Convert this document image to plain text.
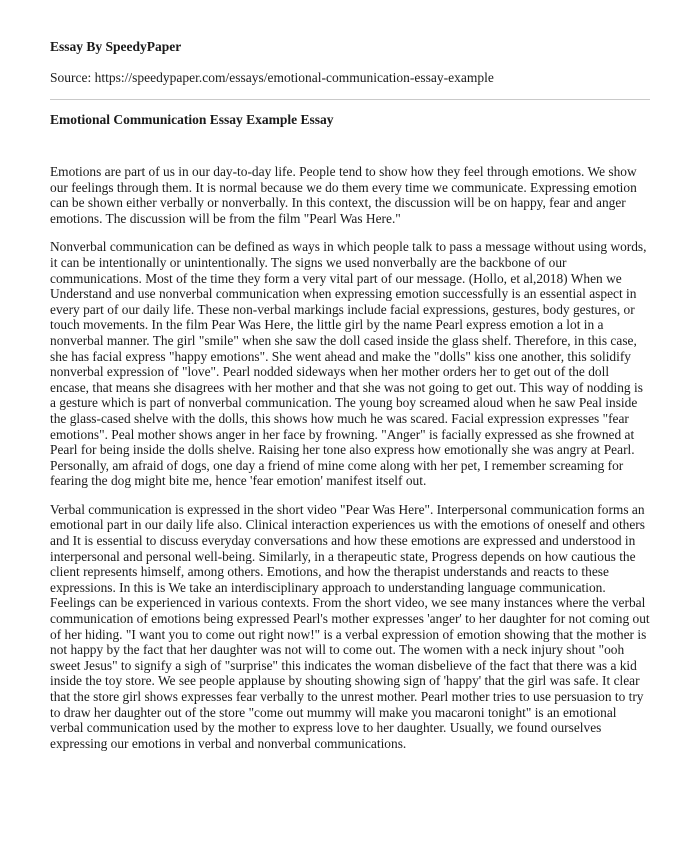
Essay By SpeedyPaper
Source: https://speedypaper.com/essays/emotional-communication-essay-example
Emotional Communication Essay Example Essay

Emotions are part of us in our day-to-day life. People tend to show how they feel through emotions. We show our feelings through them. It is normal because we do them every time we communicate. Expressing emotion can be shown either verbally or nonverbally. In this context, the discussion will be on happy, fear and anger emotions. The discussion will be from the film "Pearl Was Here."

Nonverbal communication can be defined as ways in which people talk to pass a message without using words, it can be intentionally or unintentionally. The signs we used nonverbally are the backbone of our communications. Most of the time they form a very vital part of our message. (Hollo, et al,2018) When we Understand and use nonverbal communication when expressing emotion successfully is an essential aspect in every part of our daily life. These non-verbal markings include facial expressions, gestures, body gestures, or touch movements. In the film Pear Was Here, the little girl by the name Pearl express emotion a lot in a nonverbal manner. The girl "smile" when she saw the doll cased inside the glass shelf. Therefore, in this case, she has facial express "happy emotions". She went ahead and make the "dolls" kiss one another, this solidify nonverbal expression of "love". Pearl nodded sideways when her mother orders her to get out of the doll encase, that means she disagrees with her mother and that she was not going to get out. This way of nodding is a gesture which is part of nonverbal communication. The young boy screamed aloud when he saw Peal inside the glass-cased shelve with the dolls, this shows how much he was scared. Facial expression expresses "fear emotions". Peal mother shows anger in her face by frowning. "Anger" is facially expressed as she frowned at Pearl for being inside the dolls shelve. Raising her tone also express how emotionally she was angry at Pearl. Personally, am afraid of dogs, one day a friend of mine come along with her pet, I remember screaming for fearing the dog might bite me, hence 'fear emotion' manifest itself out.

Verbal communication is expressed in the short video "Pear Was Here". Interpersonal communication forms an emotional part in our daily life also. Clinical interaction experiences us with the emotions of oneself and others and It is essential to discuss everyday conversations and how these emotions are expressed and understood in interpersonal and personal well-being. Similarly, in a therapeutic state, Progress depends on how cautious the client represents himself, among others. Emotions, and how the therapist understands and reacts to these expressions. In this is We take an interdisciplinary approach to understanding language communication. Feelings can be experienced in various contexts. From the short video, we see many instances where the verbal communication of emotions being expressed Pearl's mother expresses 'anger' to her daughter for not coming out of her hiding. "I want you to come out right now!" is a verbal expression of emotion showing that the mother is not happy by the fact that her daughter was not will to come out. The women with a neck injury shout "ooh sweet Jesus" to signify a sigh of "surprise" this indicates the woman disbelieve of the fact that there was a kid inside the toy store. We see people applause by shouting showing sign of 'happy' that the girl was safe. It clear that the store girl shows expresses fear verbally to the unrest mother. Pearl mother tries to use persuasion to try to draw her daughter out of the store "come out mummy will make you macaroni tonight" is an emotional verbal communication used by the mother to express love to her daughter. Usually, we found ourselves expressing our emotions in verbal and nonverbal communications.
